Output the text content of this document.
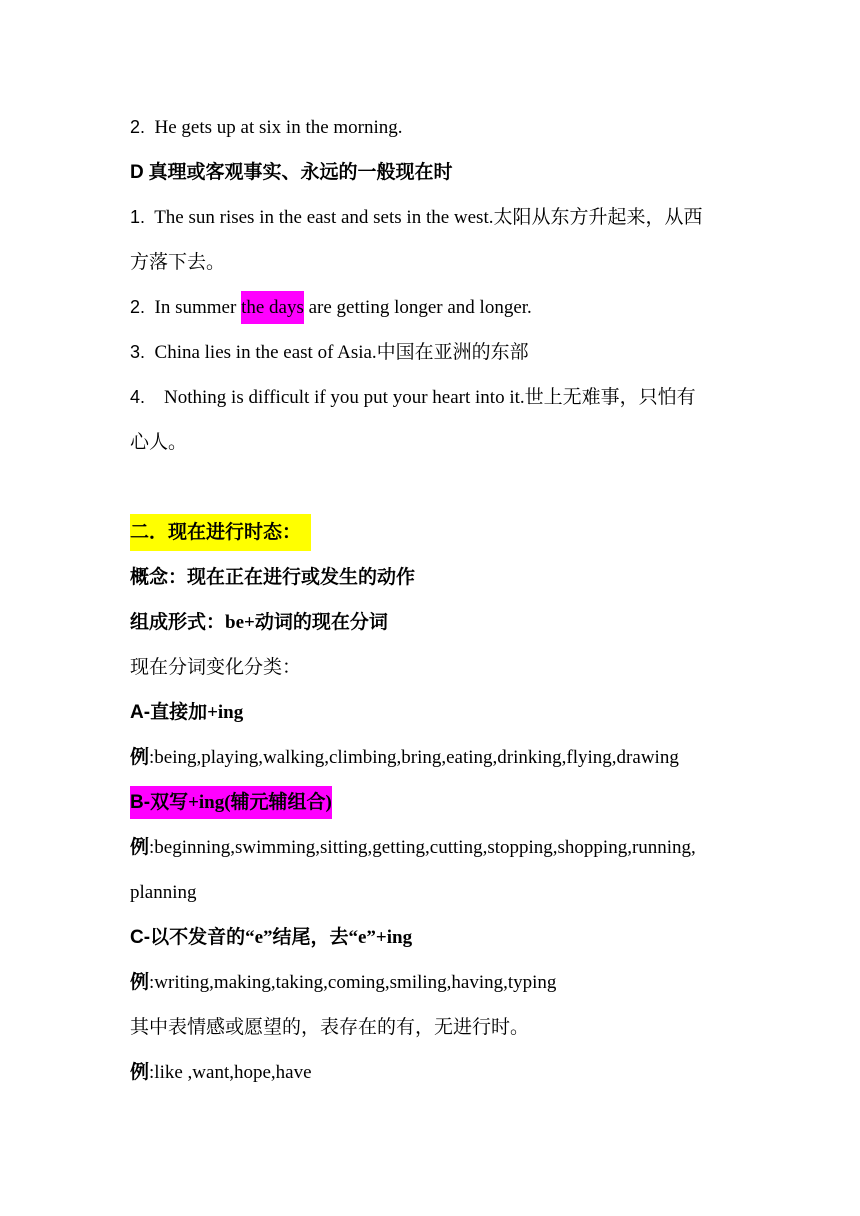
2. He gets up at six in the morning.
D 真理或客观事实、永远的一般现在时
1. The sun rises in the east and sets in the west.太阳从东方升起来，从西
方落下去。
2. In summer the days are getting longer and longer.
3. China lies in the east of Asia.中国在亚洲的东部
4. Nothing is difficult if you put your heart into it.世上无难事，只怕有
心人。
二．现在进行时态：
概念：现在正在进行或发生的动作
组成形式：be+动词的现在分词
现在分词变化分类：
A-直接加+ing
例:being,playing,walking,climbing,bring,eating,drinking,flying,drawing
B-双写+ing(辅元辅组合)
例:beginning,swimming,sitting,getting,cutting,stopping,shopping,running,
planning
C-以不发音的“e”结尾，去“e”+ing
例:writing,making,taking,coming,smiling,having,typing
其中表情感或愿望的，表存在的有，无进行时。
例:like ,want,hope,have
